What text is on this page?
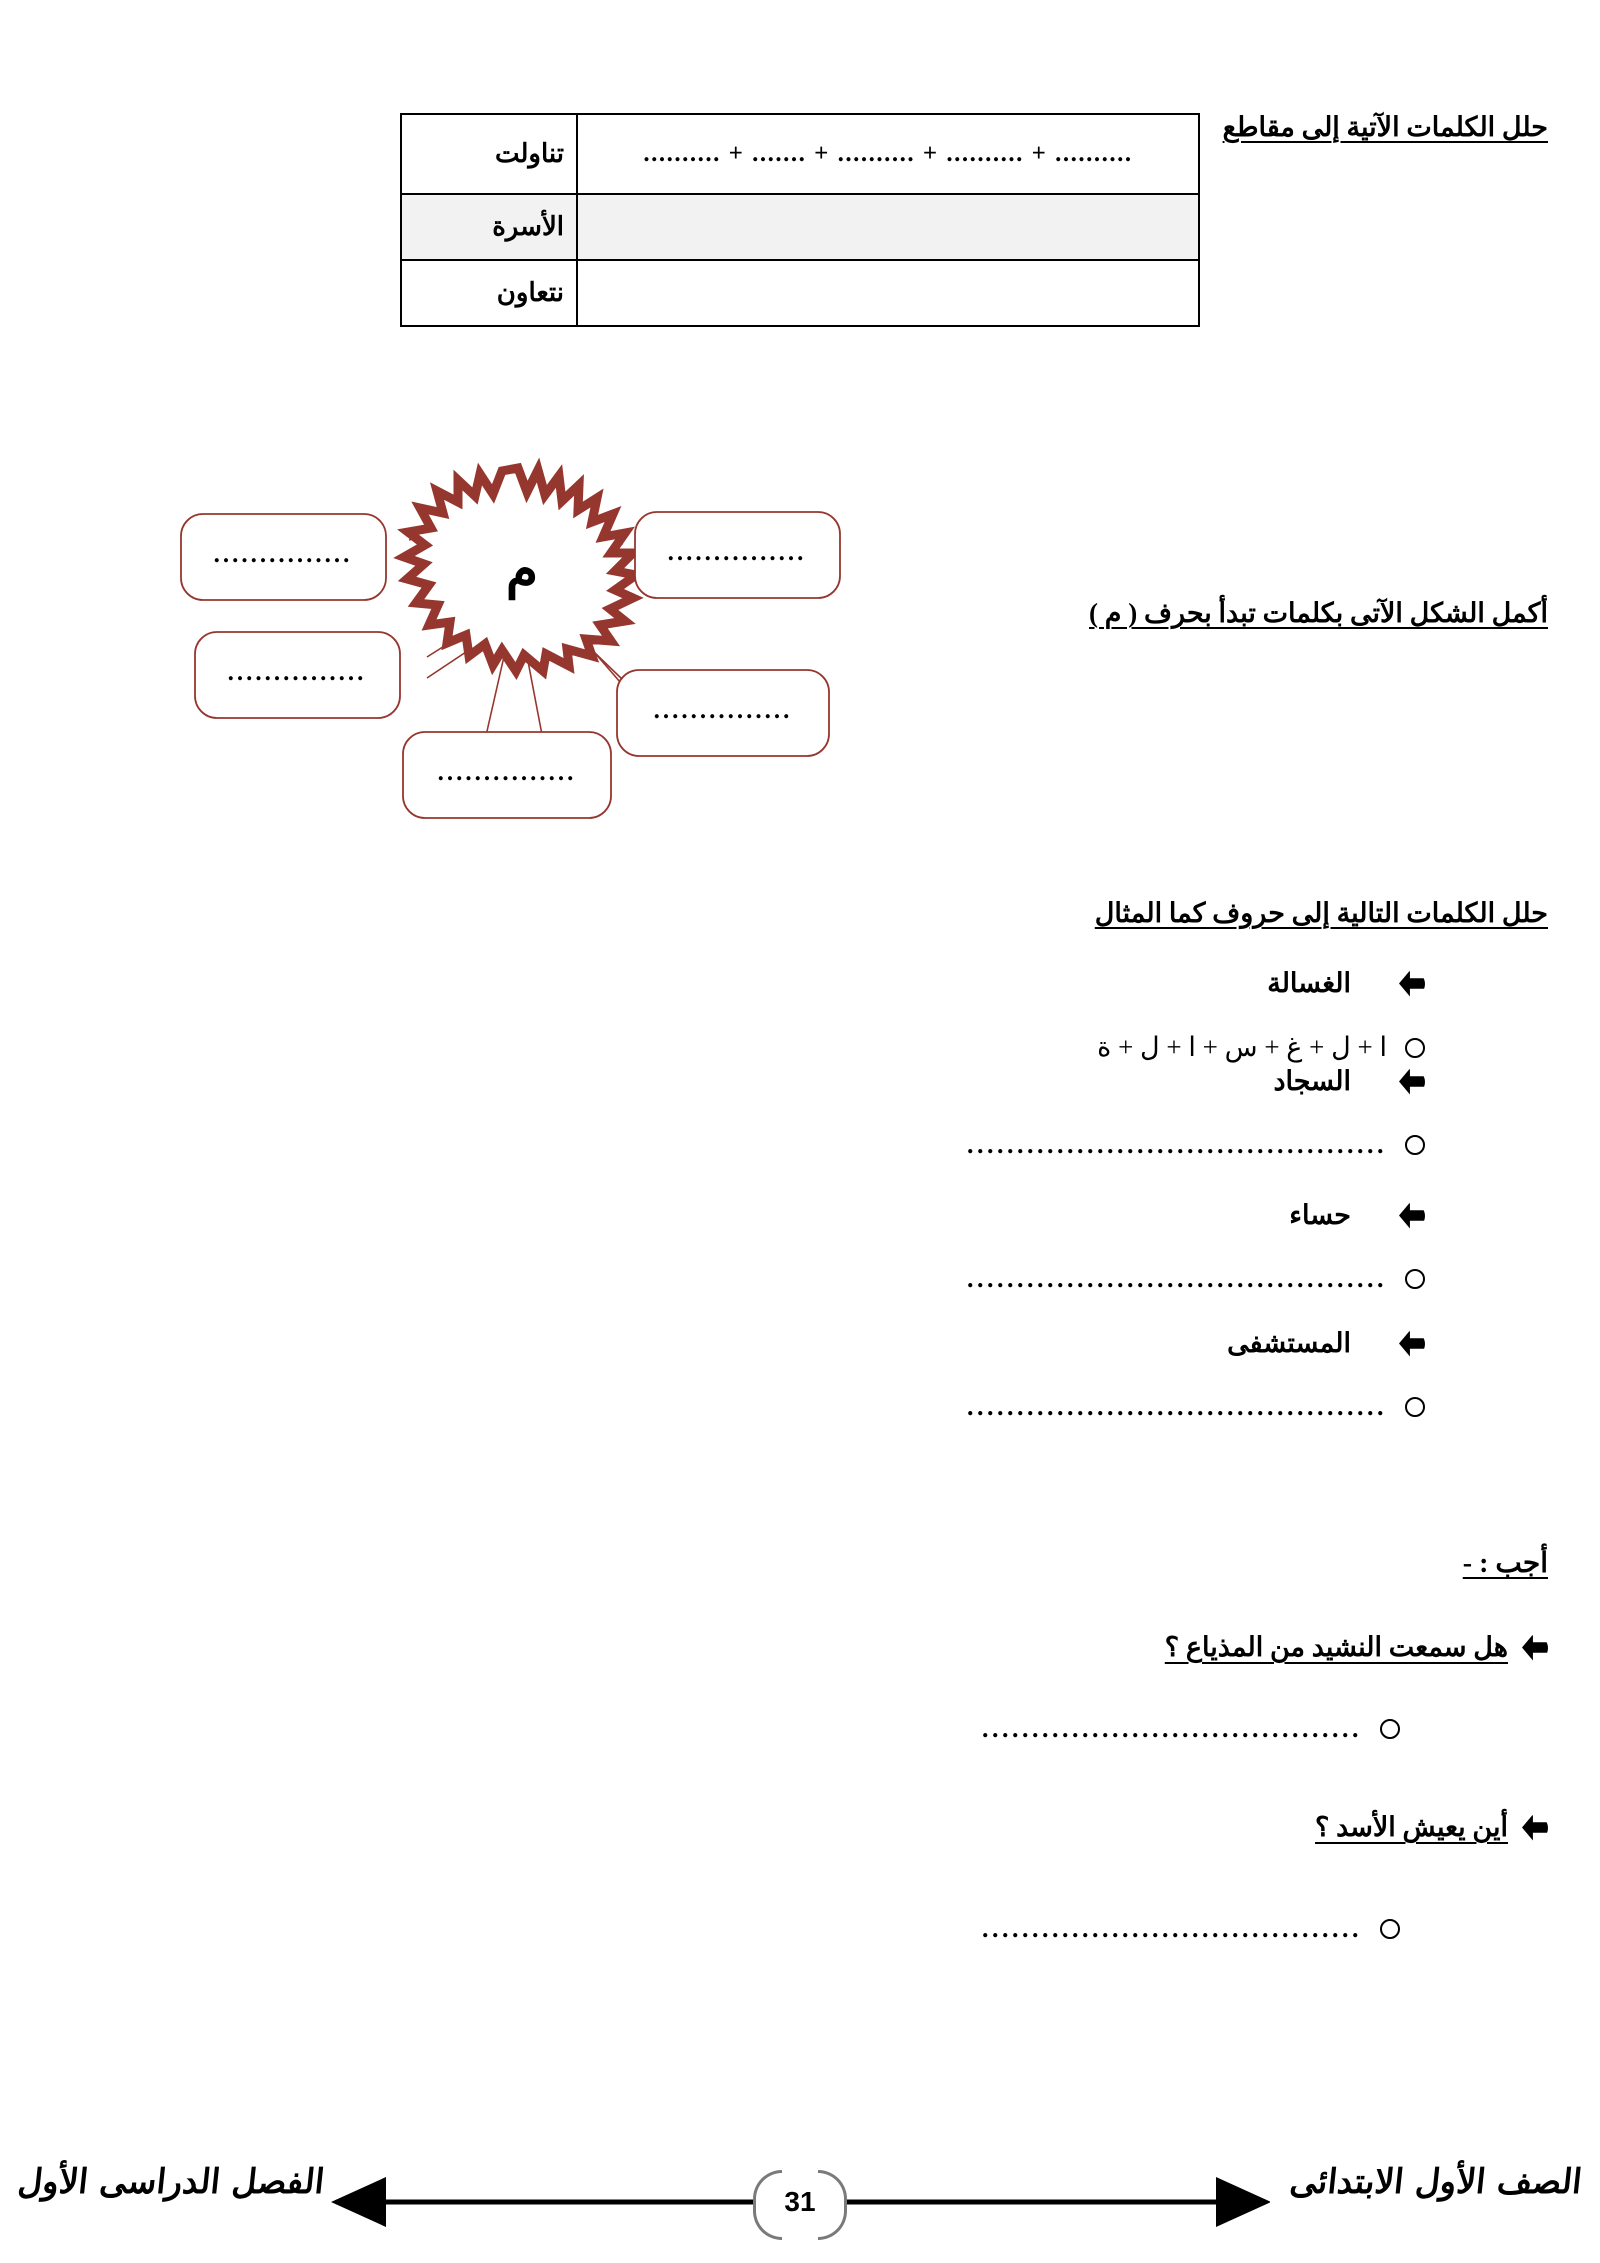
حلل الكلمات الآتية إلى مقاطع
.......... + ....... + .......... + .......... + ..........	تناولت
	الأسرة
	نتعاون
أكمل الشكل الآتى بكلمات تبدأ بحرف ( م )
م
...............	...............
...............
...............
...............
حلل الكلمات التالية إلى حروف كما المثال
الغسالة
ا + ل + غ + س + ا + ل + ة
السجاد
..........................................
حساء
..........................................
المستشفى
..........................................
أجب : -
هل سمعت النشيد من المذياع ؟
......................................
أين يعيش الأسد ؟
......................................
الصف الأول الابتدائى
الفصل الدراسى الأول	31
